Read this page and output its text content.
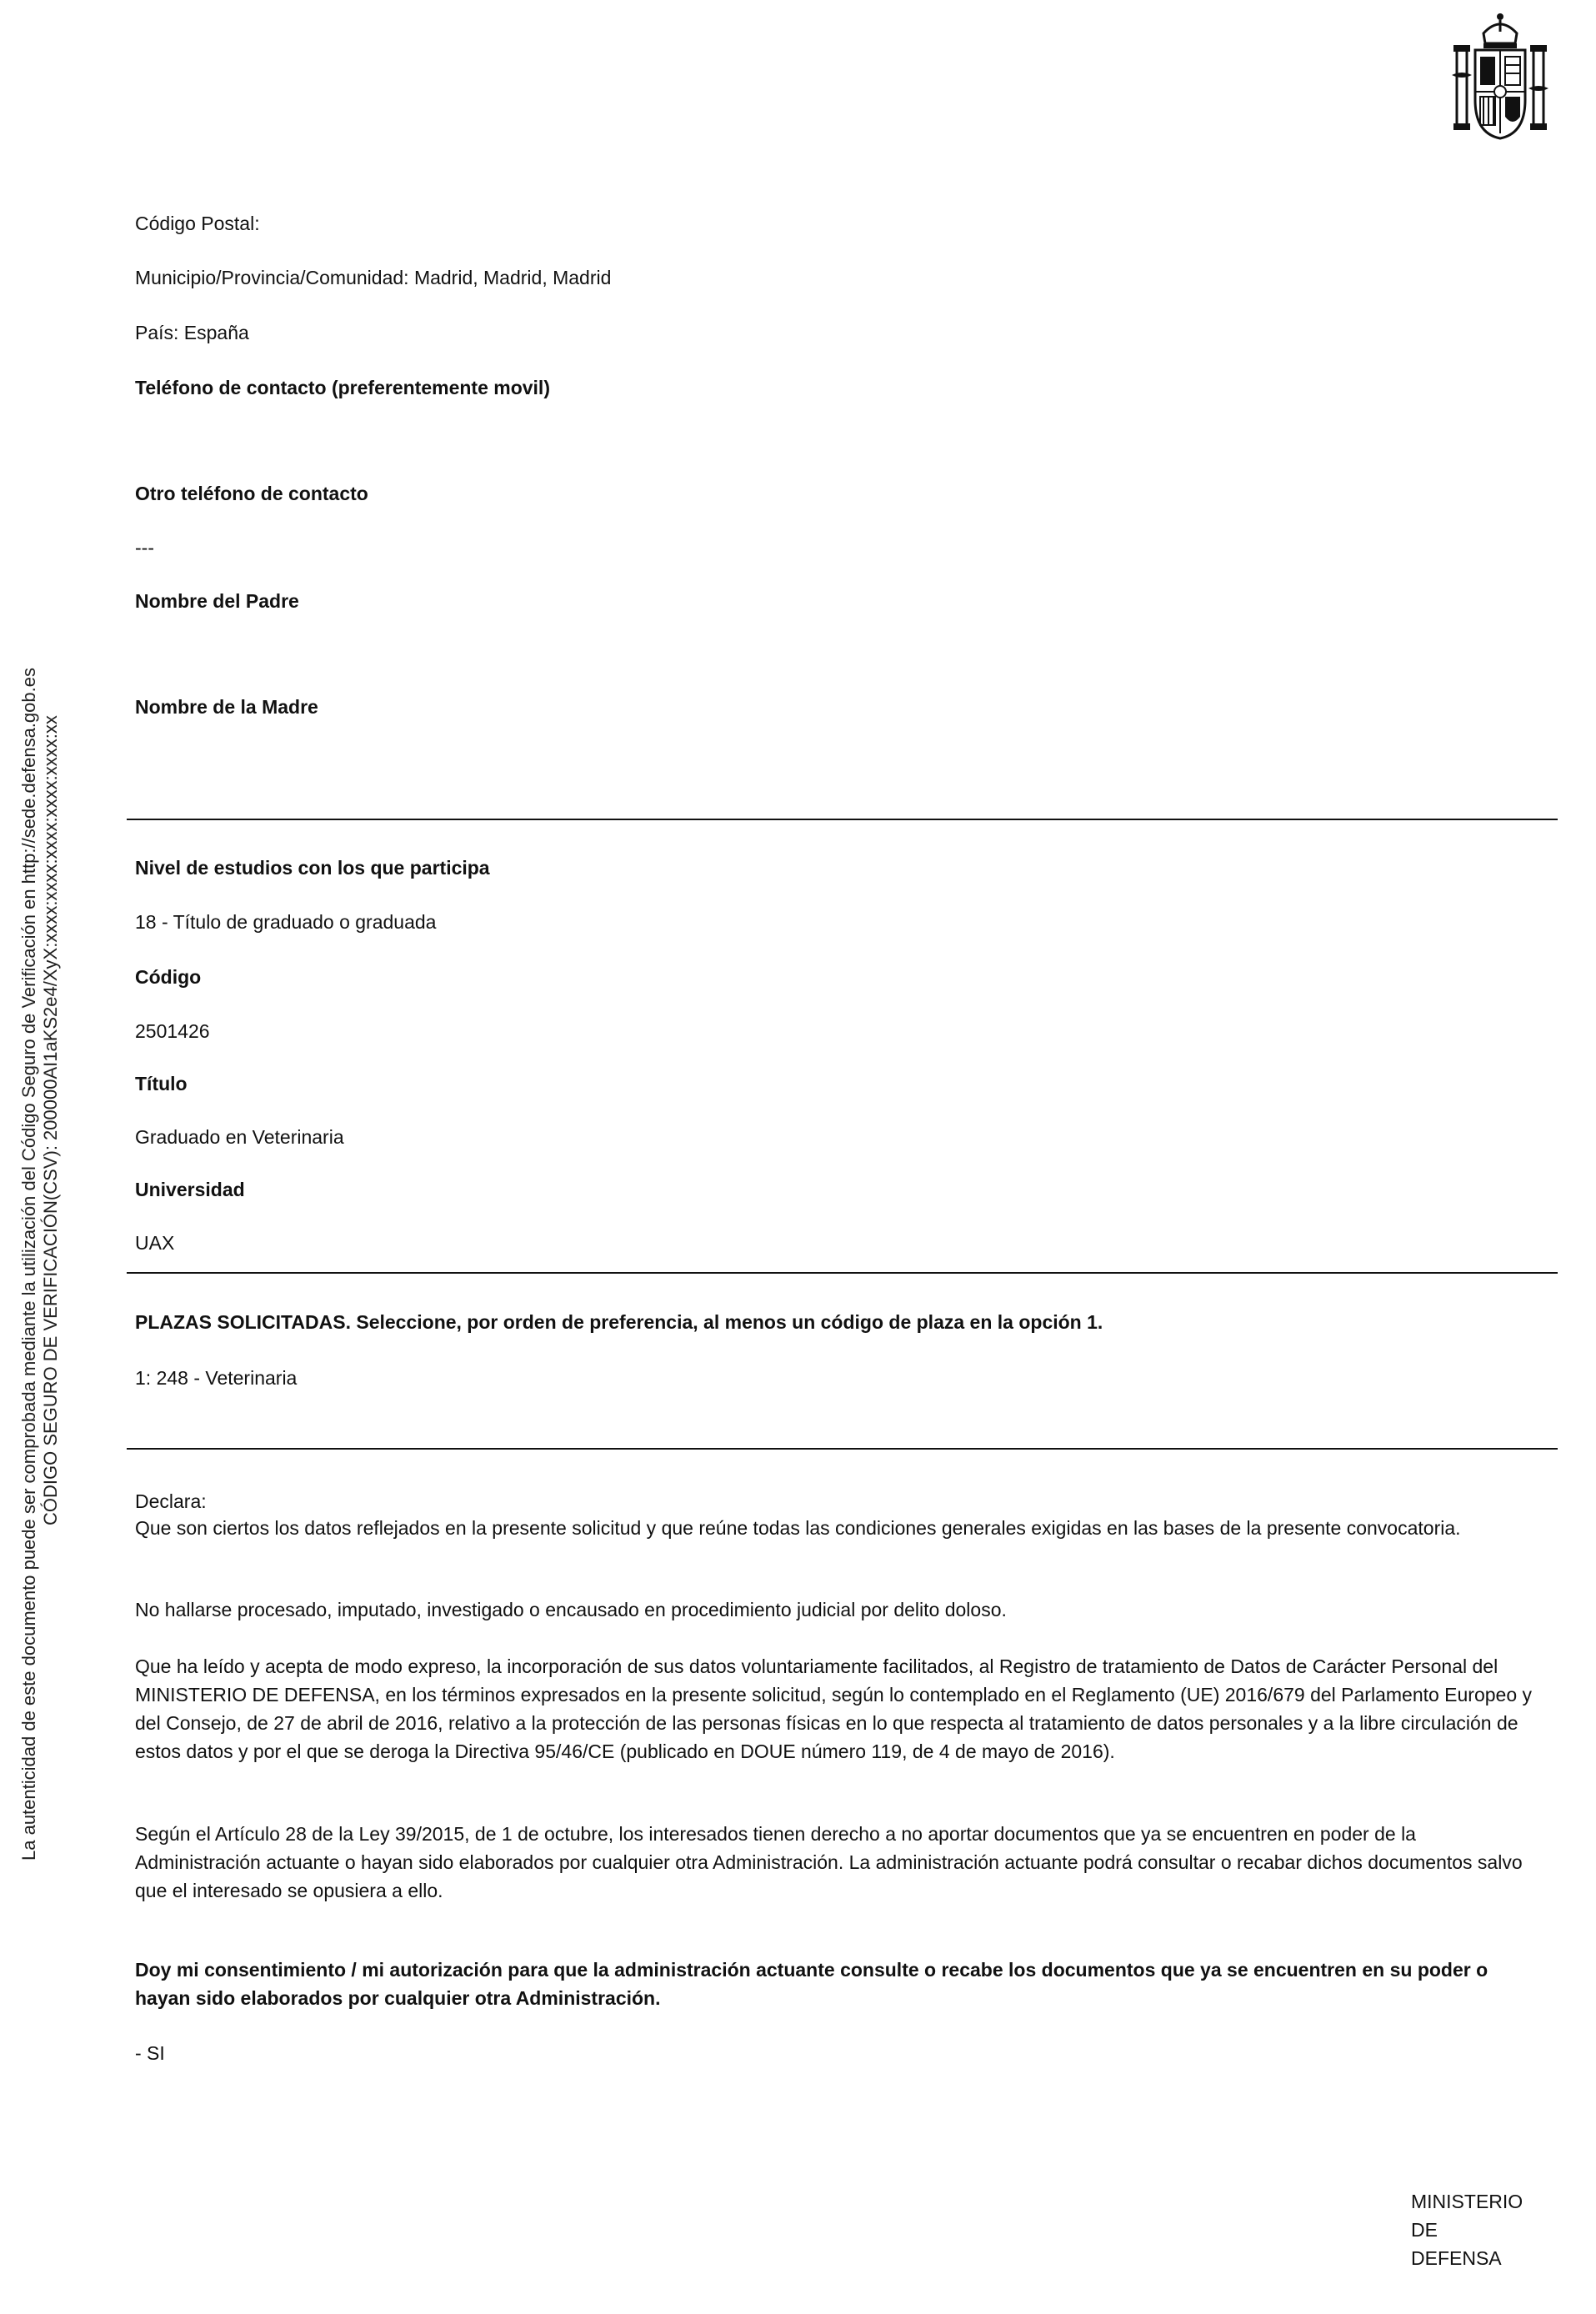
La autenticidad de este documento puede ser comprobada mediante la utilización del Código Seguro de Verificación en http://sede.defensa.gob.es CÓDIGO SEGURO DE VERIFICACIÓN(CSV): 200000AI1aKS2e4/XyX:xxxx:xxxx:xxxx:xxxx:xxxx:xx
Código Postal:
Municipio/Provincia/Comunidad: Madrid, Madrid, Madrid
País: España
Teléfono de contacto (preferentemente movil)
Otro teléfono de contacto
---
Nombre del Padre
Nombre de la Madre
Nivel de estudios con los que participa
18 - Título de graduado o graduada
Código
2501426
Título
Graduado en Veterinaria
Universidad
UAX
PLAZAS SOLICITADAS. Seleccione, por orden de preferencia, al menos un código de plaza en la opción 1.
1: 248 - Veterinaria
Declara:
Que son ciertos los datos reflejados en la presente solicitud y que reúne todas las condiciones generales exigidas en las bases de la presente convocatoria.
No hallarse procesado, imputado, investigado o encausado en procedimiento judicial por delito doloso.
Que ha leído y acepta de modo expreso, la incorporación de sus datos voluntariamente facilitados, al Registro de tratamiento de Datos de Carácter Personal del MINISTERIO DE DEFENSA, en los términos expresados en la presente solicitud, según lo contemplado en el Reglamento (UE) 2016/679 del Parlamento Europeo y del Consejo, de 27 de abril de 2016, relativo a la protección de las personas físicas en lo que respecta al tratamiento de datos personales y a la libre circulación de estos datos y por el que se deroga la Directiva 95/46/CE (publicado en DOUE número 119, de 4 de mayo de 2016).
Según el Artículo 28 de la Ley 39/2015, de 1 de octubre, los interesados tienen derecho a no aportar documentos que ya se encuentren en poder de la Administración actuante o hayan sido elaborados por cualquier otra Administración. La administración actuante podrá consultar o recabar dichos documentos salvo que el interesado se opusiera a ello.
Doy mi consentimiento / mi autorización para que la administración actuante consulte o recabe los documentos que ya se encuentren en su poder o hayan sido elaborados por cualquier otra Administración.
- SI
MINISTERIO
DE
DEFENSA
